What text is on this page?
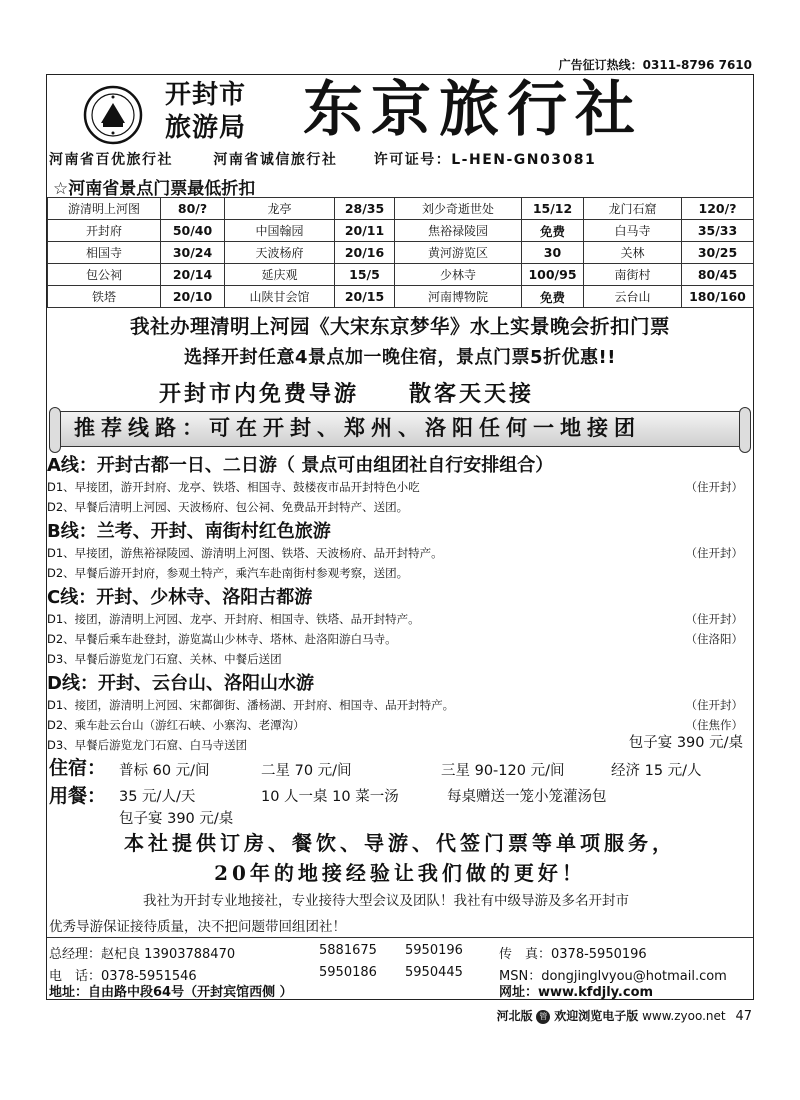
广告征订热线：0311-8796 7610
开封市
旅游局 东京旅行社
河南省百优旅行社	河南省诚信旅行社	许可证号：L-HEN-GN03081
☆河南省景点门票最低折扣
游清明上河图	80/?	龙亭	28/35	刘少奇逝世处	15/12	龙门石窟	120/?
开封府	50/40	中国翰园	20/11	焦裕禄陵园	免费	白马寺	35/33
相国寺	30/24	天波杨府	20/16	黄河游览区	30	关林	30/25
包公祠	20/14	延庆观	15/5	少林寺	100/95	南街村	80/45
铁塔	20/10	山陕甘会馆	20/15	河南博物院	免费	云台山	180/160
我社办理清明上河园《大宋东京梦华》水上实景晚会折扣门票
选择开封任意4景点加一晚住宿，景点门票5折优惠!!
开封市内免费导游 散客天天接
推荐线路：可在开封、郑州、洛阳任何一地接团
A线：开封古都一日、二日游（ 景点可由组团社自行安排组合）
D1、早接团，游开封府、龙亭、铁塔、相国寺、鼓楼夜市品开封特色小吃	（住开封）
D2、早餐后清明上河园、天波杨府、包公祠、免费品开封特产、送团。
B线：兰考、开封、南街村红色旅游
D1、早接团，游焦裕禄陵园、游清明上河图、铁塔、天波杨府、品开封特产。	（住开封）
D2、早餐后游开封府，参观土特产，乘汽车赴南街村参观考察，送团。
C线：开封、少林寺、洛阳古都游
D1、接团，游清明上河园、龙亭、开封府、相国寺、铁塔、品开封特产。	（住开封）
D2、早餐后乘车赴登封，游览嵩山少林寺、塔林、赴洛阳游白马寺。	（住洛阳）
D3、早餐后游览龙门石窟、关林、中餐后送团
D线：开封、云台山、洛阳山水游
D1、接团，游清明上河园、宋都御街、潘杨湖、开封府、相国寺、品开封特产。	（住开封）
D2、乘车赴云台山（游红石峡、小寨沟、老潭沟）	（住焦作）
D3、早餐后游览龙门石窟、白马寺送团	包子宴 390 元/桌
住宿： 普标 60 元/间	二星 70 元/间	三星 90-120 元/间	经济 15 元/人
用餐： 35 元/人/天	10 人一桌 10 菜一汤	每桌赠送一笼小笼灌汤包
包子宴 390 元/桌
本社提供订房、餐饮、导游、代签门票等单项服务，
20年的地接经验让我们做的更好！
我社为开封专业地接社，专业接待大型会议及团队！我社有中级导游及多名开封市
优秀导游保证接待质量，决不把问题带回组团社！
总经理：赵杞良 13903788470	5881675 5950196	传　真：0378-5950196
电　话：0378-5951546	5950186 5950445	MSN：dongjinglvyou@hotmail.com
地址：自由路中段64号（开封宾馆西侧 ）	网址：www.kfdjly.com
河北版 管 欢迎浏览电子版 www.zyoo.net 47
